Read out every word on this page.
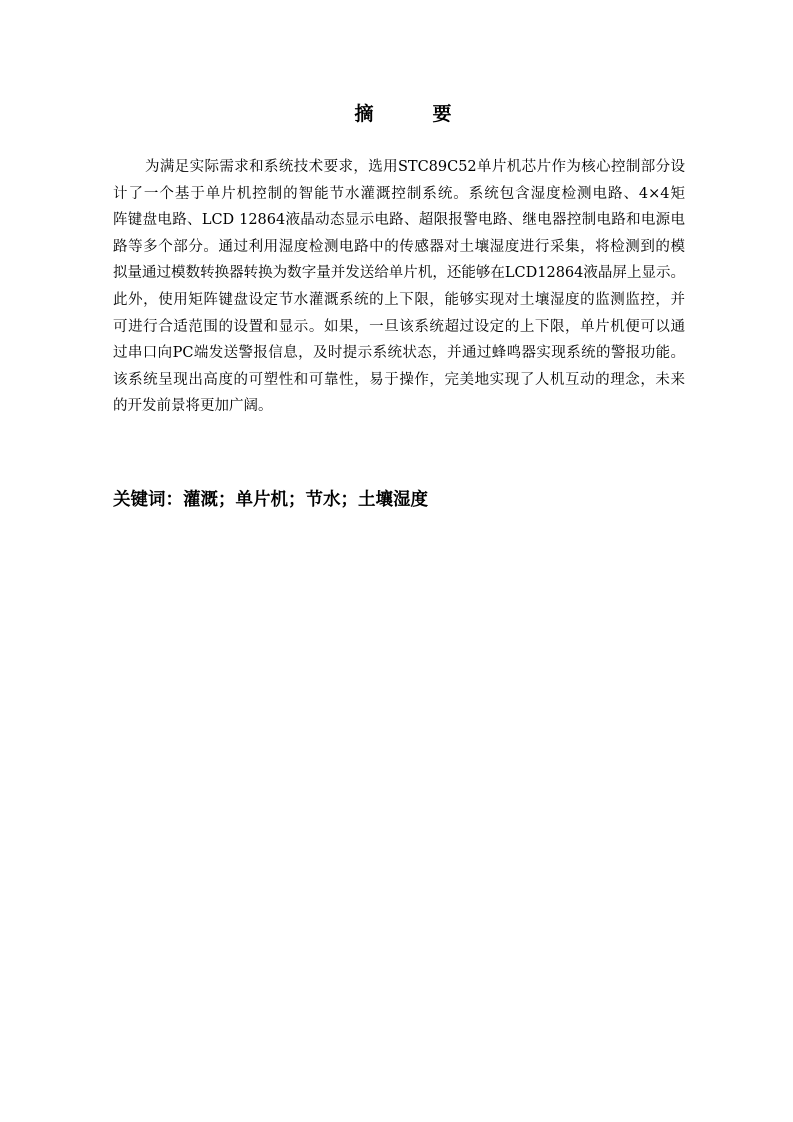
摘　要
为满足实际需求和系统技术要求，选用STC89C52单片机芯片作为核心控制部分设
计了一个基于单片机控制的智能节水灌溉控制系统。系统包含湿度检测电路、4×4矩
阵键盘电路、LCD 12864液晶动态显示电路、超限报警电路、继电器控制电路和电源电
路等多个部分。通过利用湿度检测电路中的传感器对土壤湿度进行采集，将检测到的模
拟量通过模数转换器转换为数字量并发送给单片机，还能够在LCD12864液晶屏上显示。
此外，使用矩阵键盘设定节水灌溉系统的上下限，能够实现对土壤湿度的监测监控，并
可进行合适范围的设置和显示。如果，一旦该系统超过设定的上下限，单片机便可以通
过串口向PC端发送警报信息，及时提示系统状态，并通过蜂鸣器实现系统的警报功能。
该系统呈现出高度的可塑性和可靠性，易于操作，完美地实现了人机互动的理念，未来
的开发前景将更加广阔。
关键词：灌溉；单片机；节水；土壤湿度
